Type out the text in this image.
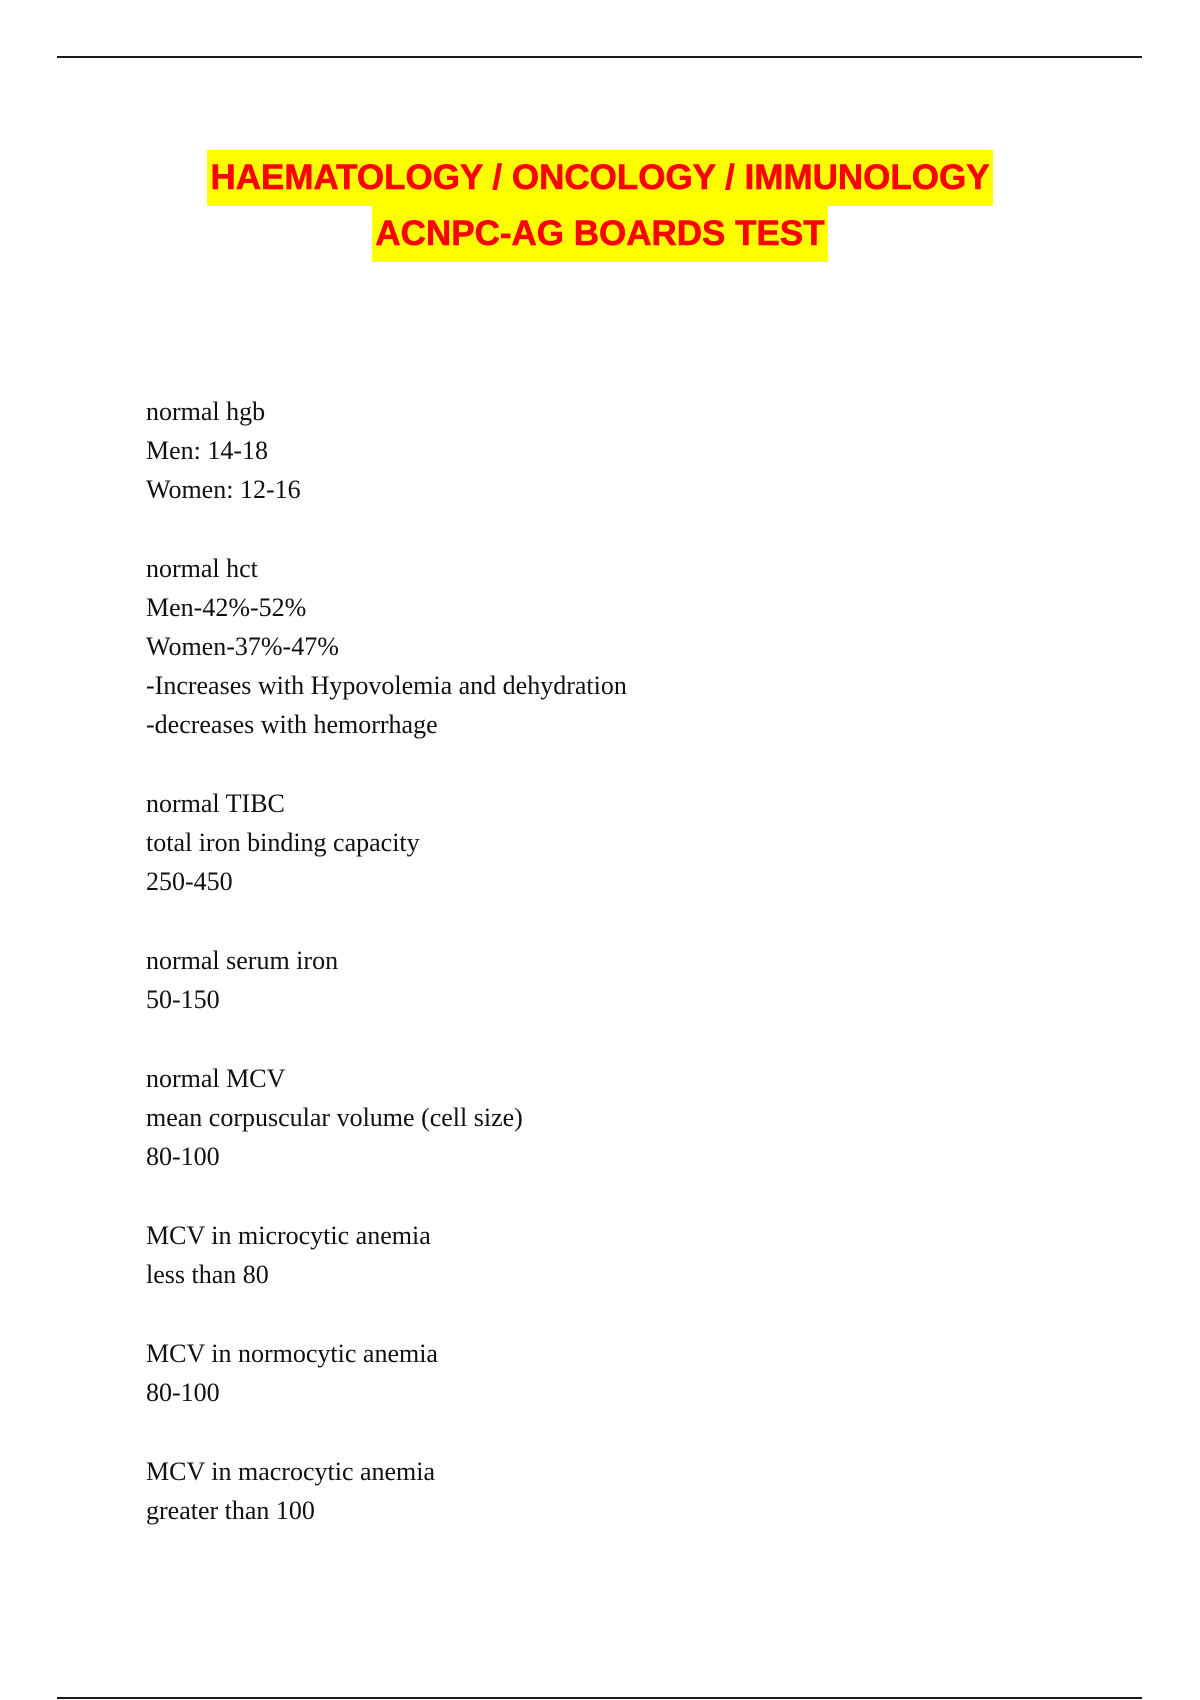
HAEMATOLOGY / ONCOLOGY / IMMUNOLOGY
ACNPC-AG BOARDS TEST
normal hgb
Men: 14-18
Women: 12-16
normal hct
Men-42%-52%
Women-37%-47%
-Increases with Hypovolemia and dehydration
-decreases with hemorrhage
normal TIBC
total iron binding capacity
250-450
normal serum iron
50-150
normal MCV
mean corpuscular volume (cell size)
80-100
MCV in microcytic anemia
less than 80
MCV in normocytic anemia
80-100
MCV in macrocytic anemia
greater than 100
